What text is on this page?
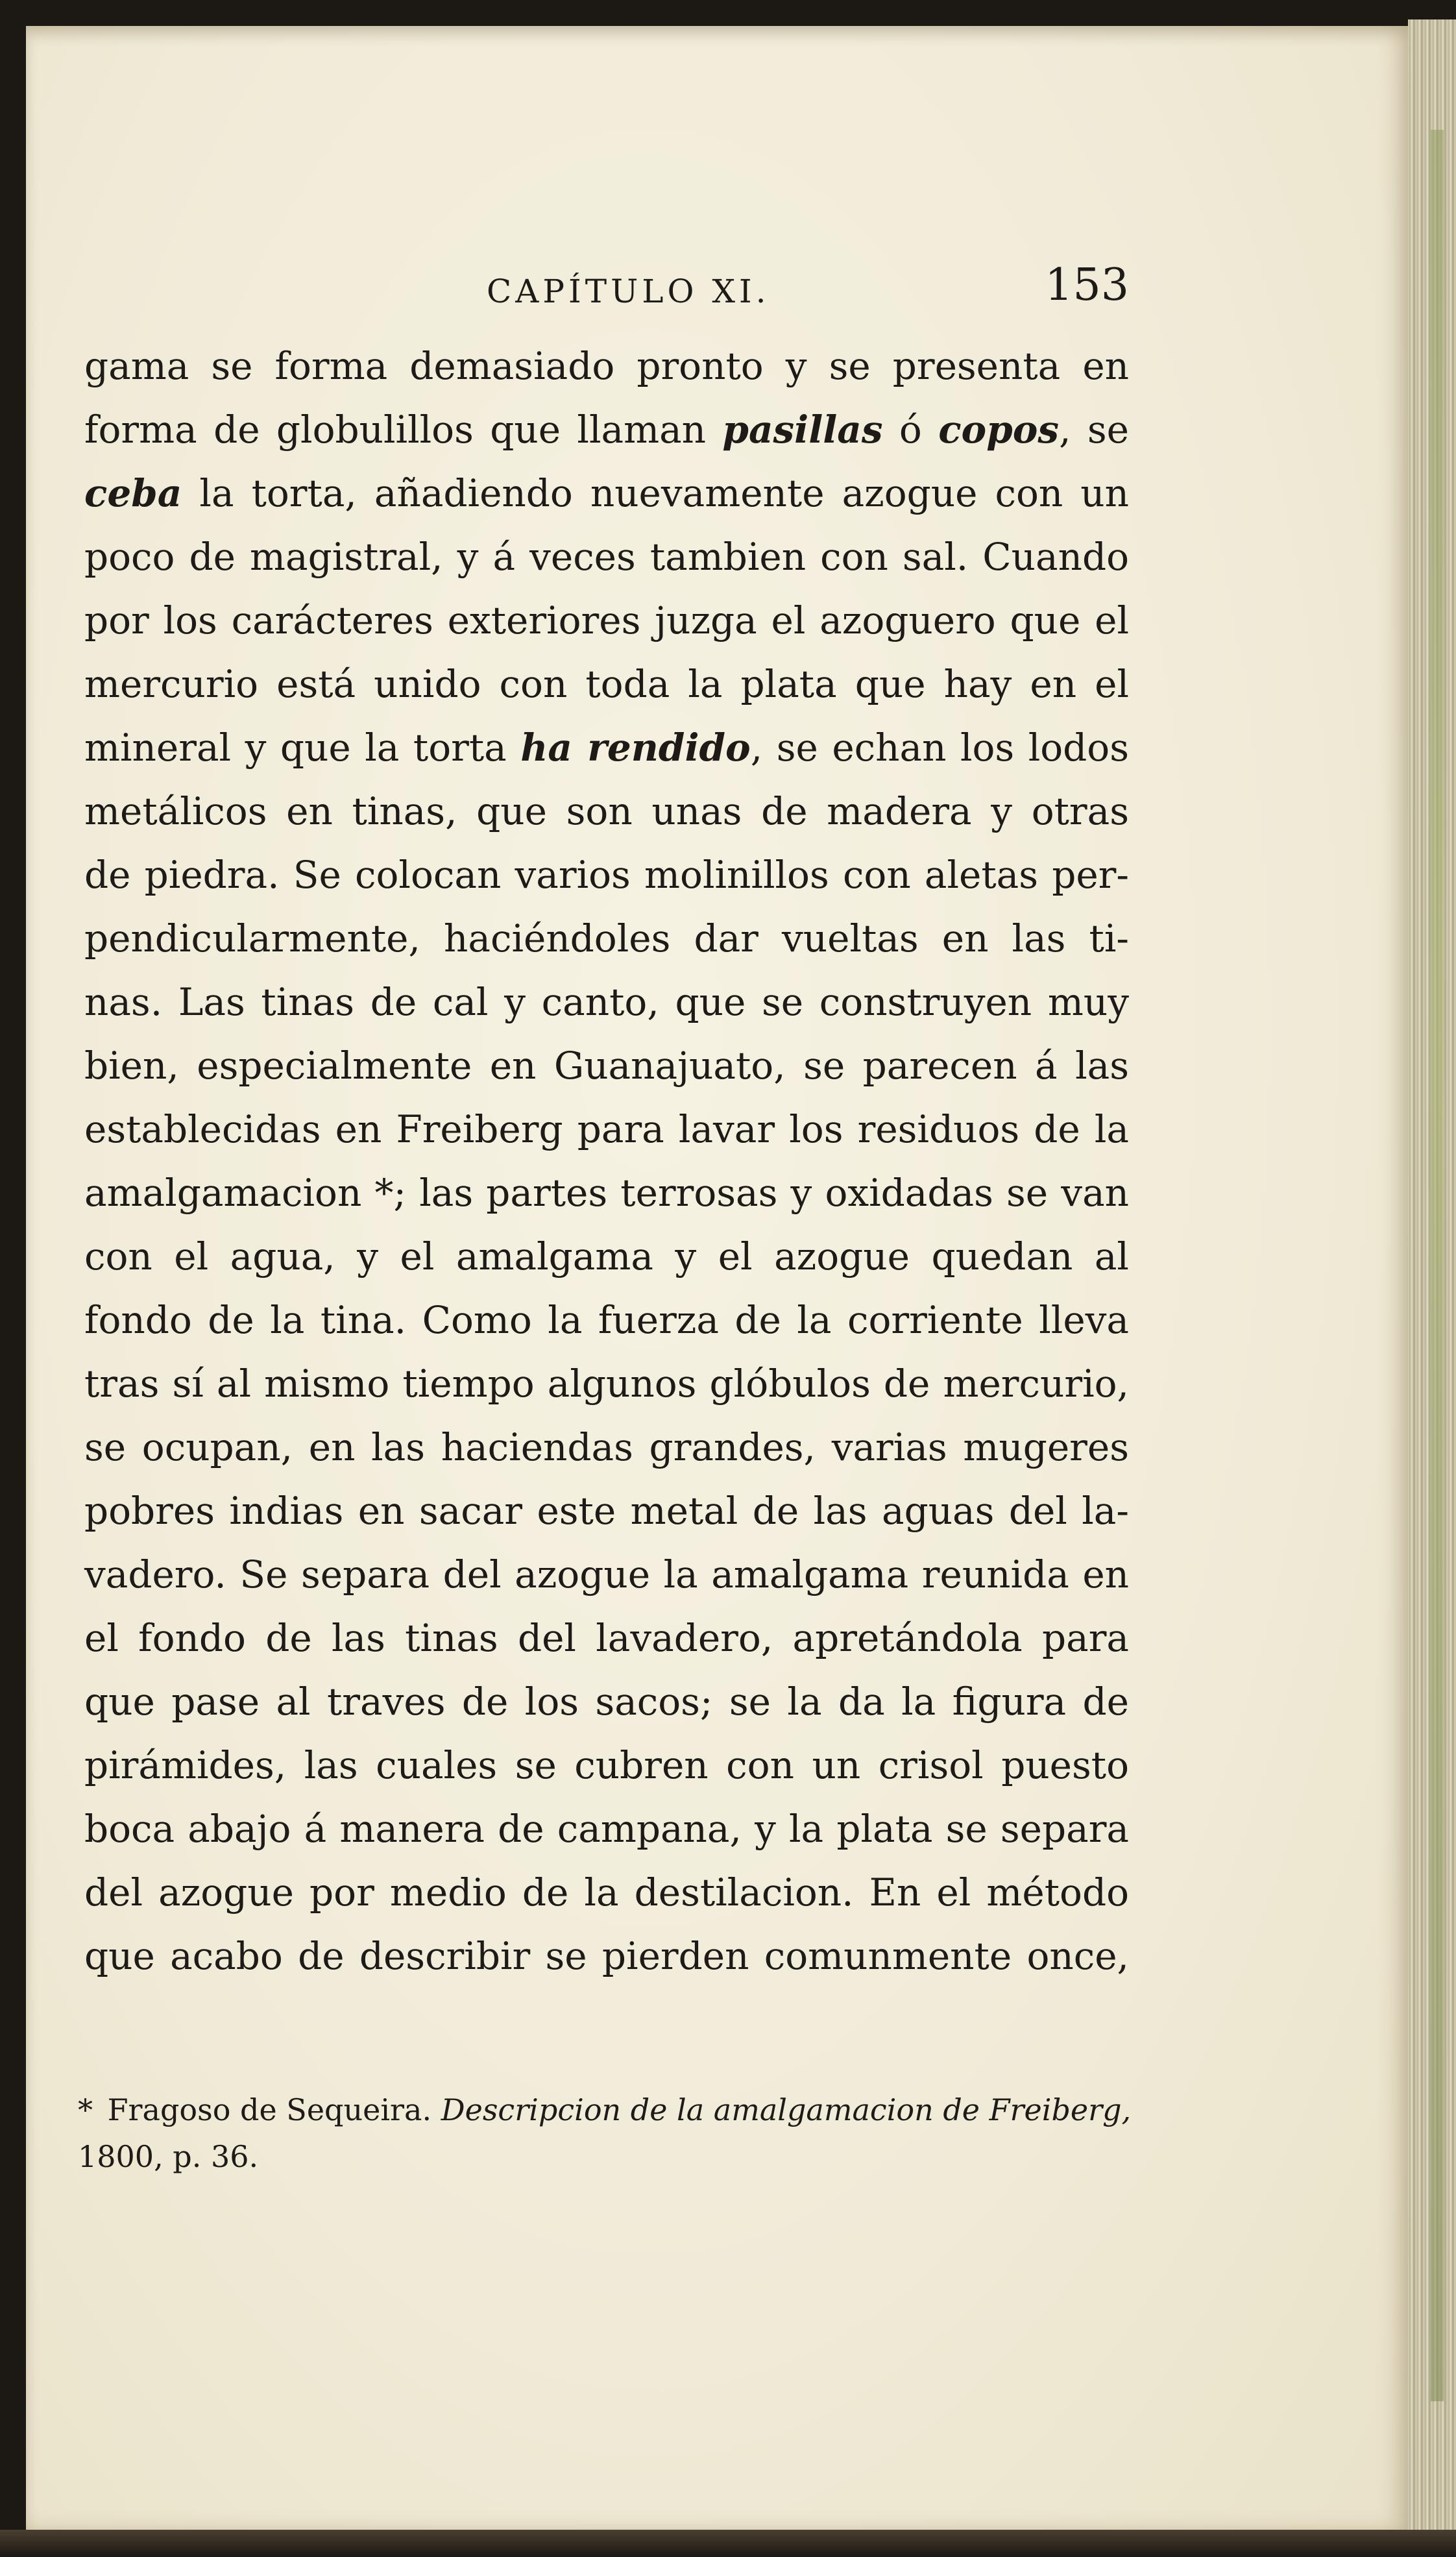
CAPÍTULO XI.	153
gama se forma demasiado pronto y se presenta en
forma de globulillos que llaman pasillas ó copos, se
ceba la torta, añadiendo nuevamente azogue con un
poco de magistral, y á veces tambien con sal. Cuando
por los carácteres exteriores juzga el azoguero que el
mercurio está unido con toda la plata que hay en el
mineral y que la torta ha rendido, se echan los lodos
metálicos en tinas, que son unas de madera y otras
de piedra. Se colocan varios molinillos con aletas per-
pendicularmente, haciéndoles dar vueltas en las ti-
nas. Las tinas de cal y canto, que se construyen muy
bien, especialmente en Guanajuato, se parecen á las
establecidas en Freiberg para lavar los residuos de la
amalgamacion *; las partes terrosas y oxidadas se van
con el agua, y el amalgama y el azogue quedan al
fondo de la tina. Como la fuerza de la corriente lleva
tras sí al mismo tiempo algunos glóbulos de mercurio,
se ocupan, en las haciendas grandes, varias mugeres
pobres indias en sacar este metal de las aguas del la-
vadero. Se separa del azogue la amalgama reunida en
el fondo de las tinas del lavadero, apretándola para
que pase al traves de los sacos; se la da la figura de
pirámides, las cuales se cubren con un crisol puesto
boca abajo á manera de campana, y la plata se separa
del azogue por medio de la destilacion. En el método
que acabo de describir se pierden comunmente once,
* Fragoso de Sequeira. Descripcion de la amalgamacion de Freiberg,
1800, p. 36.
